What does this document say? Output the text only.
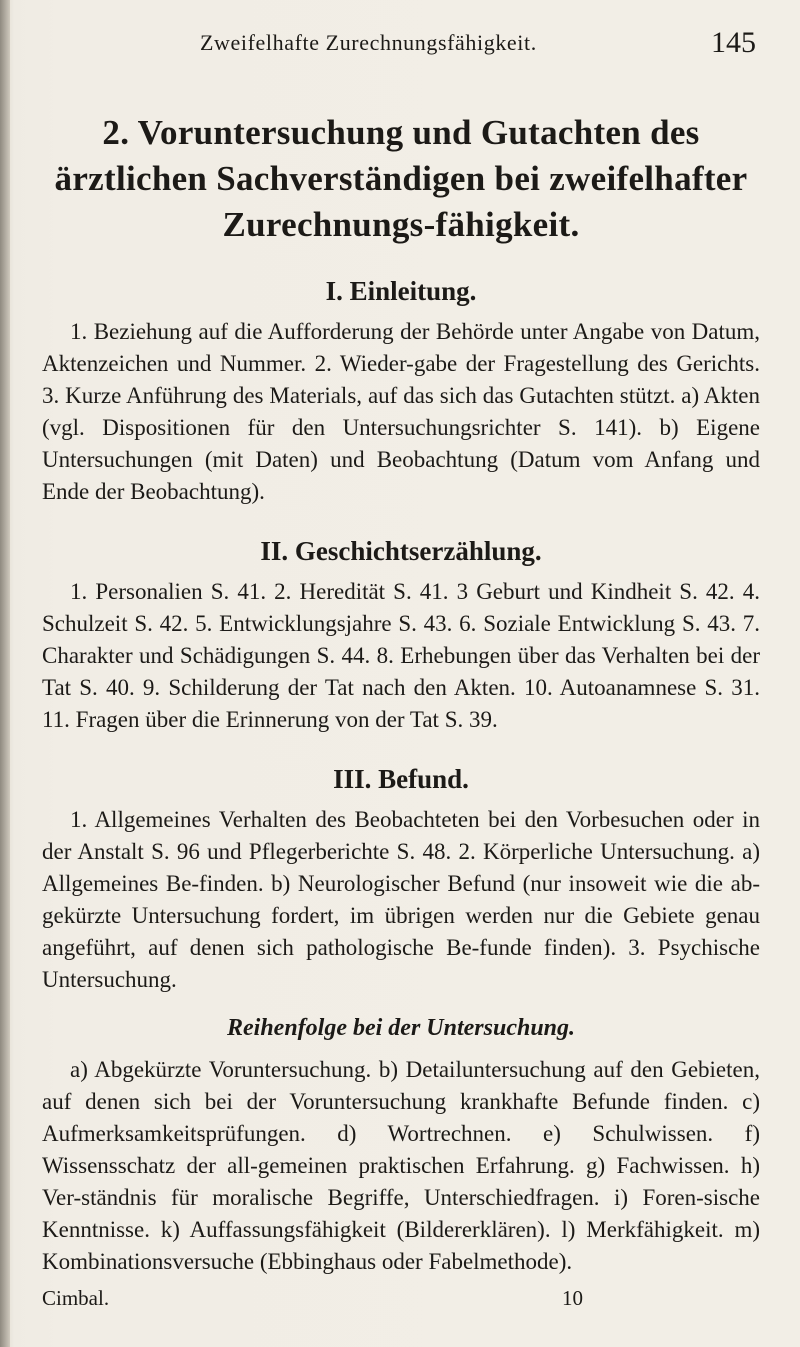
Zweifelhafte Zurechnungsfähigkeit.	145
2. Voruntersuchung und Gutachten des ärztlichen Sachverständigen bei zweifelhafter Zurechnungs-fähigkeit.
I. Einleitung.

1. Beziehung auf die Aufforderung der Behörde unter Angabe von Datum, Aktenzeichen und Nummer. 2. Wieder-gabe der Fragestellung des Gerichts. 3. Kurze Anführung des Materials, auf das sich das Gutachten stützt. a) Akten (vgl. Dispositionen für den Untersuchungsrichter S. 141). b) Eigene Untersuchungen (mit Daten) und Beobachtung (Datum vom Anfang und Ende der Beobachtung).

II. Geschichtserzählung.

1. Personalien S. 41. 2. Heredität S. 41. 3 Geburt und Kindheit S. 42. 4. Schulzeit S. 42. 5. Entwicklungsjahre S. 43. 6. Soziale Entwicklung S. 43. 7. Charakter und Schädigungen S. 44. 8. Erhebungen über das Verhalten bei der Tat S. 40. 9. Schilderung der Tat nach den Akten. 10. Autoanamnese S. 31. 11. Fragen über die Erinnerung von der Tat S. 39.

III. Befund.

1. Allgemeines Verhalten des Beobachteten bei den Vorbesuchen oder in der Anstalt S. 96 und Pflegerberichte S. 48. 2. Körperliche Untersuchung. a) Allgemeines Be-finden. b) Neurologischer Befund (nur insoweit wie die ab-gekürzte Untersuchung fordert, im übrigen werden nur die Gebiete genau angeführt, auf denen sich pathologische Be-funde finden). 3. Psychische Untersuchung.

Reihenfolge bei der Untersuchung.

a) Abgekürzte Voruntersuchung. b) Detailuntersuchung auf den Gebieten, auf denen sich bei der Voruntersuchung krankhafte Befunde finden. c) Aufmerksamkeitsprüfungen. d) Wortrechnen. e) Schulwissen. f) Wissensschatz der all-gemeinen praktischen Erfahrung. g) Fachwissen. h) Ver-ständnis für moralische Begriffe, Unterschiedfragen. i) Foren-sische Kenntnisse. k) Auffassungsfähigkeit (Bildererklären). l) Merkfähigkeit. m) Kombinationsversuche (Ebbinghaus oder Fabelmethode).

Cimbal.	10
